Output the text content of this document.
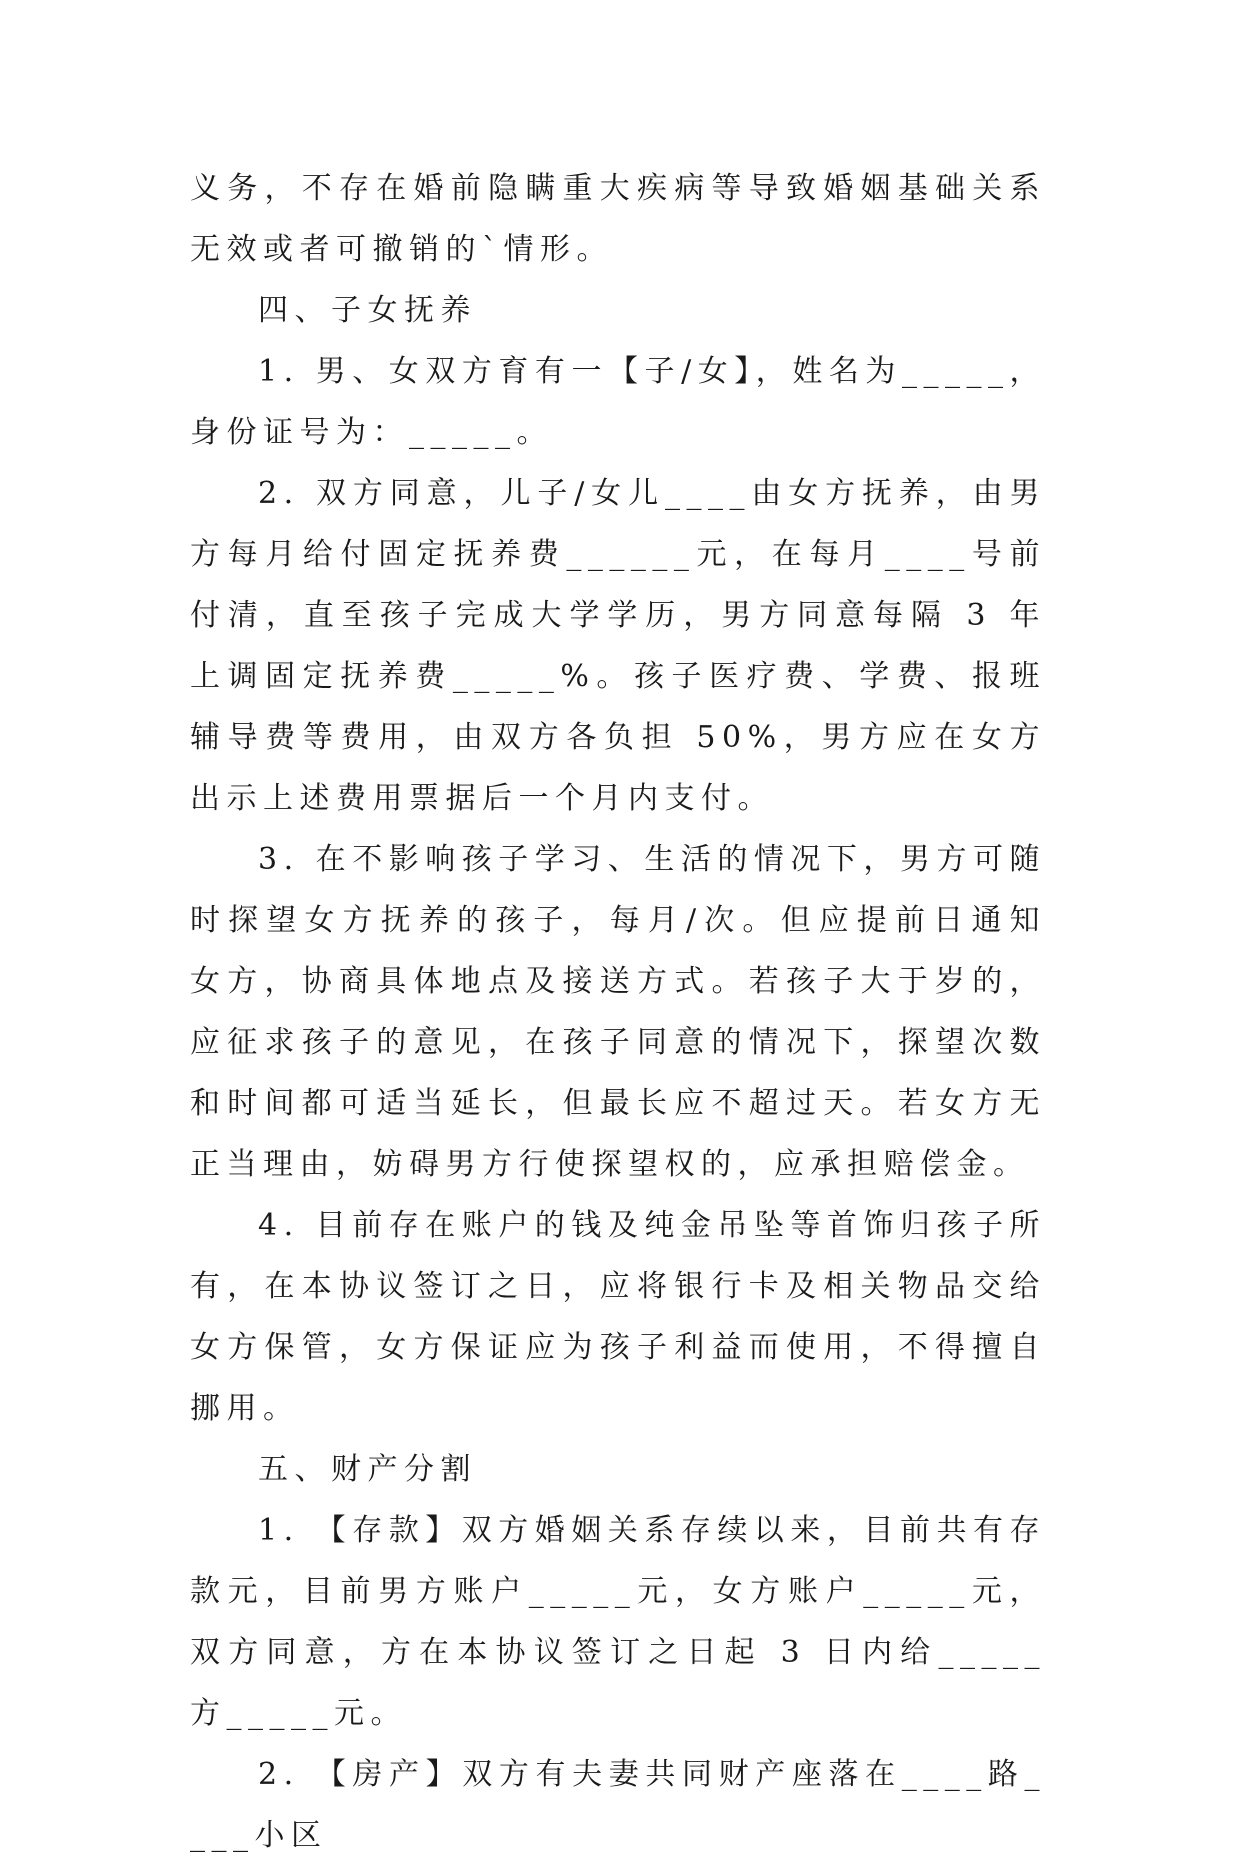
义务，不存在婚前隐瞒重大疾病等导致婚姻基础关系无效或者可撤销的`情形。

四、子女抚养

1. 男、女双方育有一【子/女】，姓名为_____，身份证号为：_____。

2. 双方同意，儿子/女儿____由女方抚养，由男方每月给付固定抚养费______元，在每月____号前付清，直至孩子完成大学学历，男方同意每隔 3 年上调固定抚养费_____%。孩子医疗费、学费、报班辅导费等费用，由双方各负担 50%，男方应在女方出示上述费用票据后一个月内支付。

3. 在不影响孩子学习、生活的情况下，男方可随时探望女方抚养的孩子，每月/次。但应提前日通知女方，协商具体地点及接送方式。若孩子大于岁的，应征求孩子的意见，在孩子同意的情况下，探望次数和时间都可适当延长，但最长应不超过天。若女方无正当理由，妨碍男方行使探望权的，应承担赔偿金。

4. 目前存在账户的钱及纯金吊坠等首饰归孩子所有，在本协议签订之日，应将银行卡及相关物品交给女方保管，女方保证应为孩子利益而使用，不得擅自挪用。

五、财产分割

1. 【存款】双方婚姻关系存续以来，目前共有存款元，目前男方账户_____元，女方账户_____元，双方同意，方在本协议签订之日起 3 日内给_____方_____元。

2. 【房产】双方有夫妻共同财产座落在____路____小区
